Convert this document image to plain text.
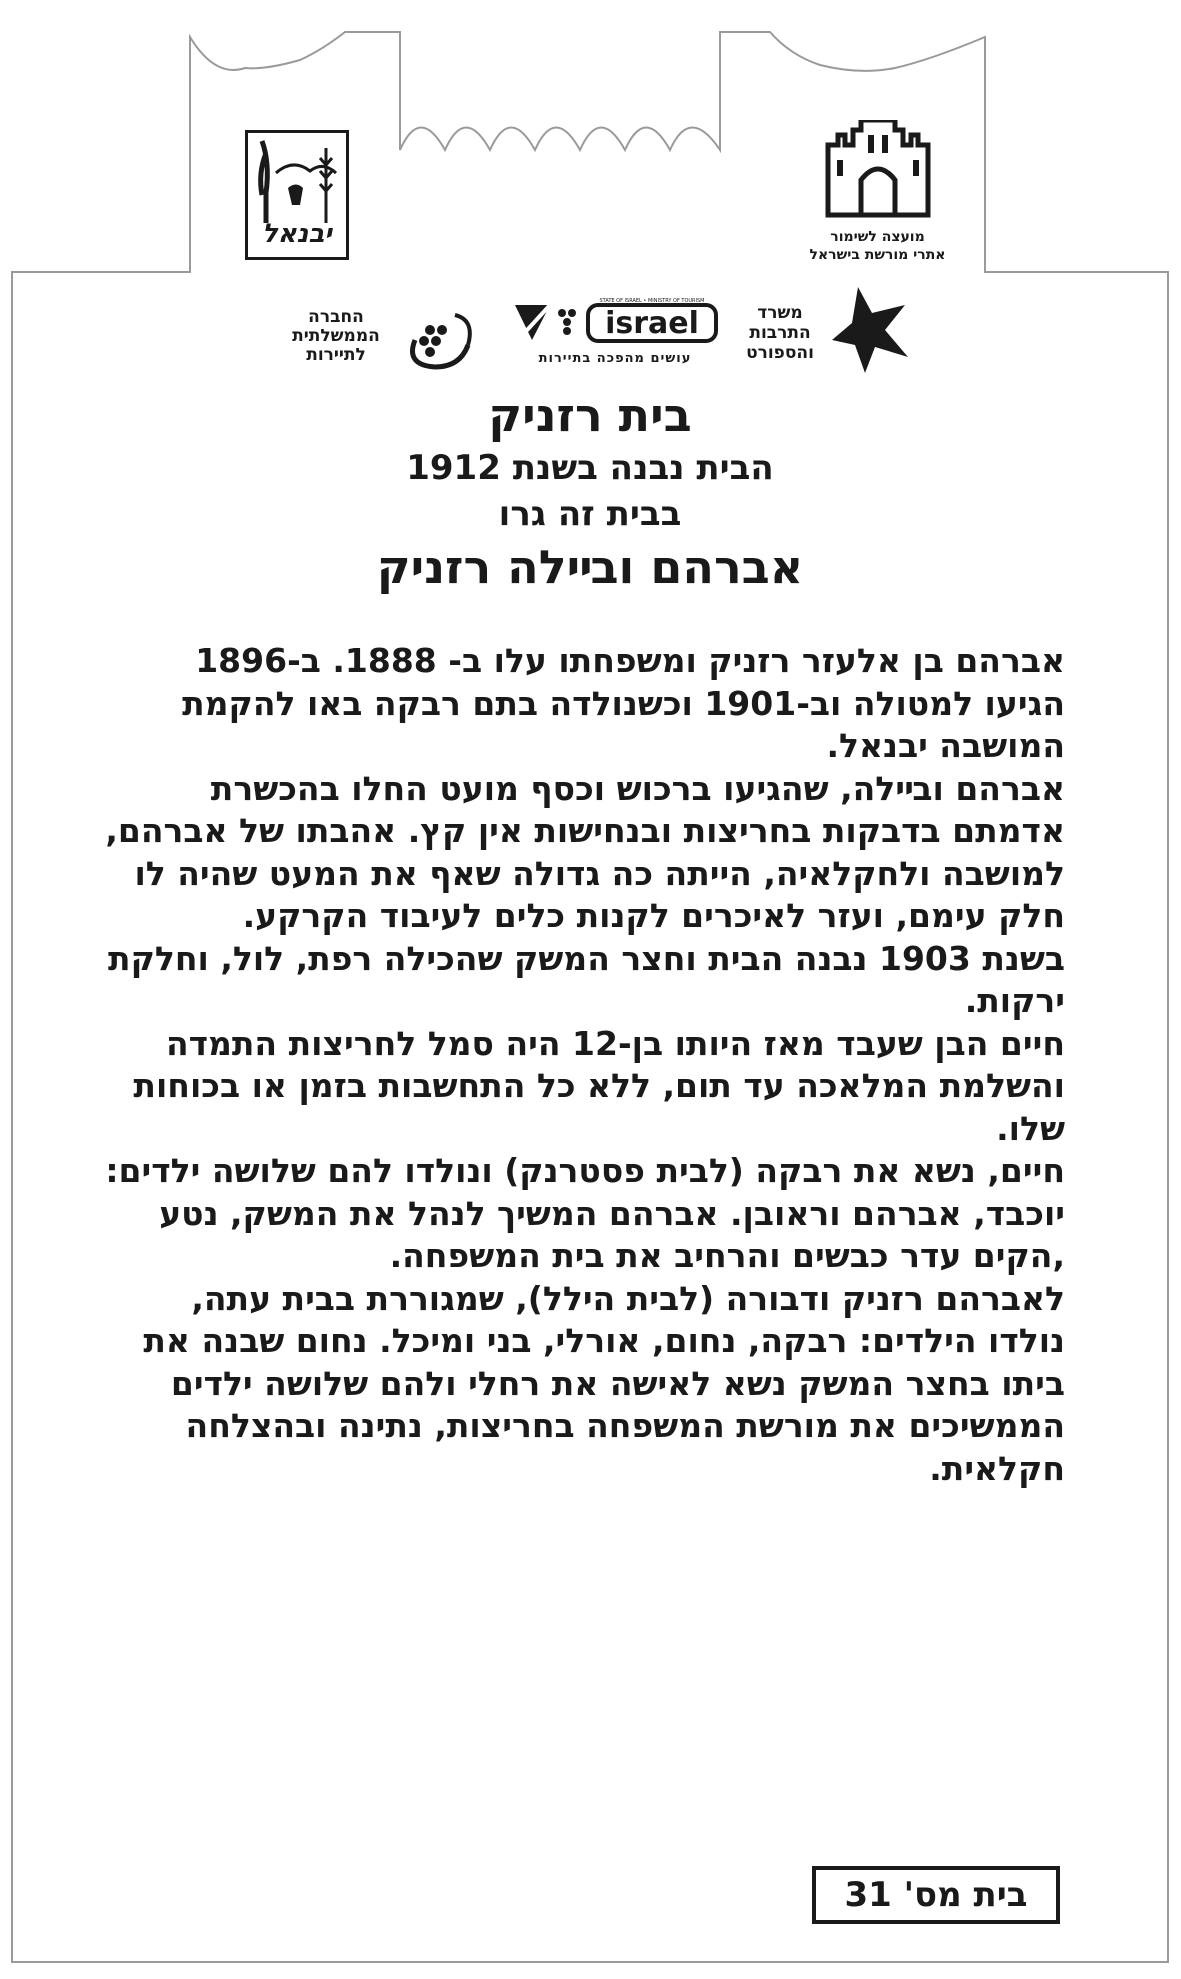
יבנאל	מועצה לשימור
אתרי מורשת בישראל
החברה
הממשלתית
לתיירות
israel
STATE OF ISRAEL • MINISTRY OF TOURISM
עושים מהפכה בתיירות
משרד
התרבות
והספורט

בית רזניק

הבית נבנה בשנת 1912

בבית זה גרו

אברהם ובײלה רזניק

אברהם בן אלעזר רזניק ומשפחתו עלו ב- 1888. ב-1896 הגיעו למטולה וב-1901 וכשנולדה בתם רבקה באו להקמת המושבה יבנאל.

אברהם ובײלה, שהגיעו ברכוש וכסף מועט החלו בהכשרת אדמתם בדבקות בחריצות ובנחישות אין קץ. אהבתו של אברהם, למושבה ולחקלאיה, הייתה כה גדולה שאף את המעט שהיה לו חלק עימם, ועזר לאיכרים לקנות כלים לעיבוד הקרקע.

בשנת 1903 נבנה הבית וחצר המשק שהכילה רפת, לול, וחלקת ירקות.

חיים הבן שעבד מאז היותו בן-12 היה סמל לחריצות התמדה והשלמת המלאכה עד תום, ללא כל התחשבות בזמן או בכוחות שלו.

חיים, נשא את רבקה (לבית פסטרנק) ונולדו להם שלושה ילדים: יוכבד, אברהם וראובן. אברהם המשיך לנהל את המשק, נטע ,הקים עדר כבשים והרחיב את בית המשפחה.

לאברהם רזניק ודבורה (לבית הילל), שמגוררת בבית עתה, נולדו הילדים: רבקה, נחום, אורלי, בני ומיכל. נחום שבנה את ביתו בחצר המשק נשא לאישה את רחלי ולהם שלושה ילדים הממשיכים את מורשת המשפחה בחריצות, נתינה ובהצלחה חקלאית.

בית מס' 31
